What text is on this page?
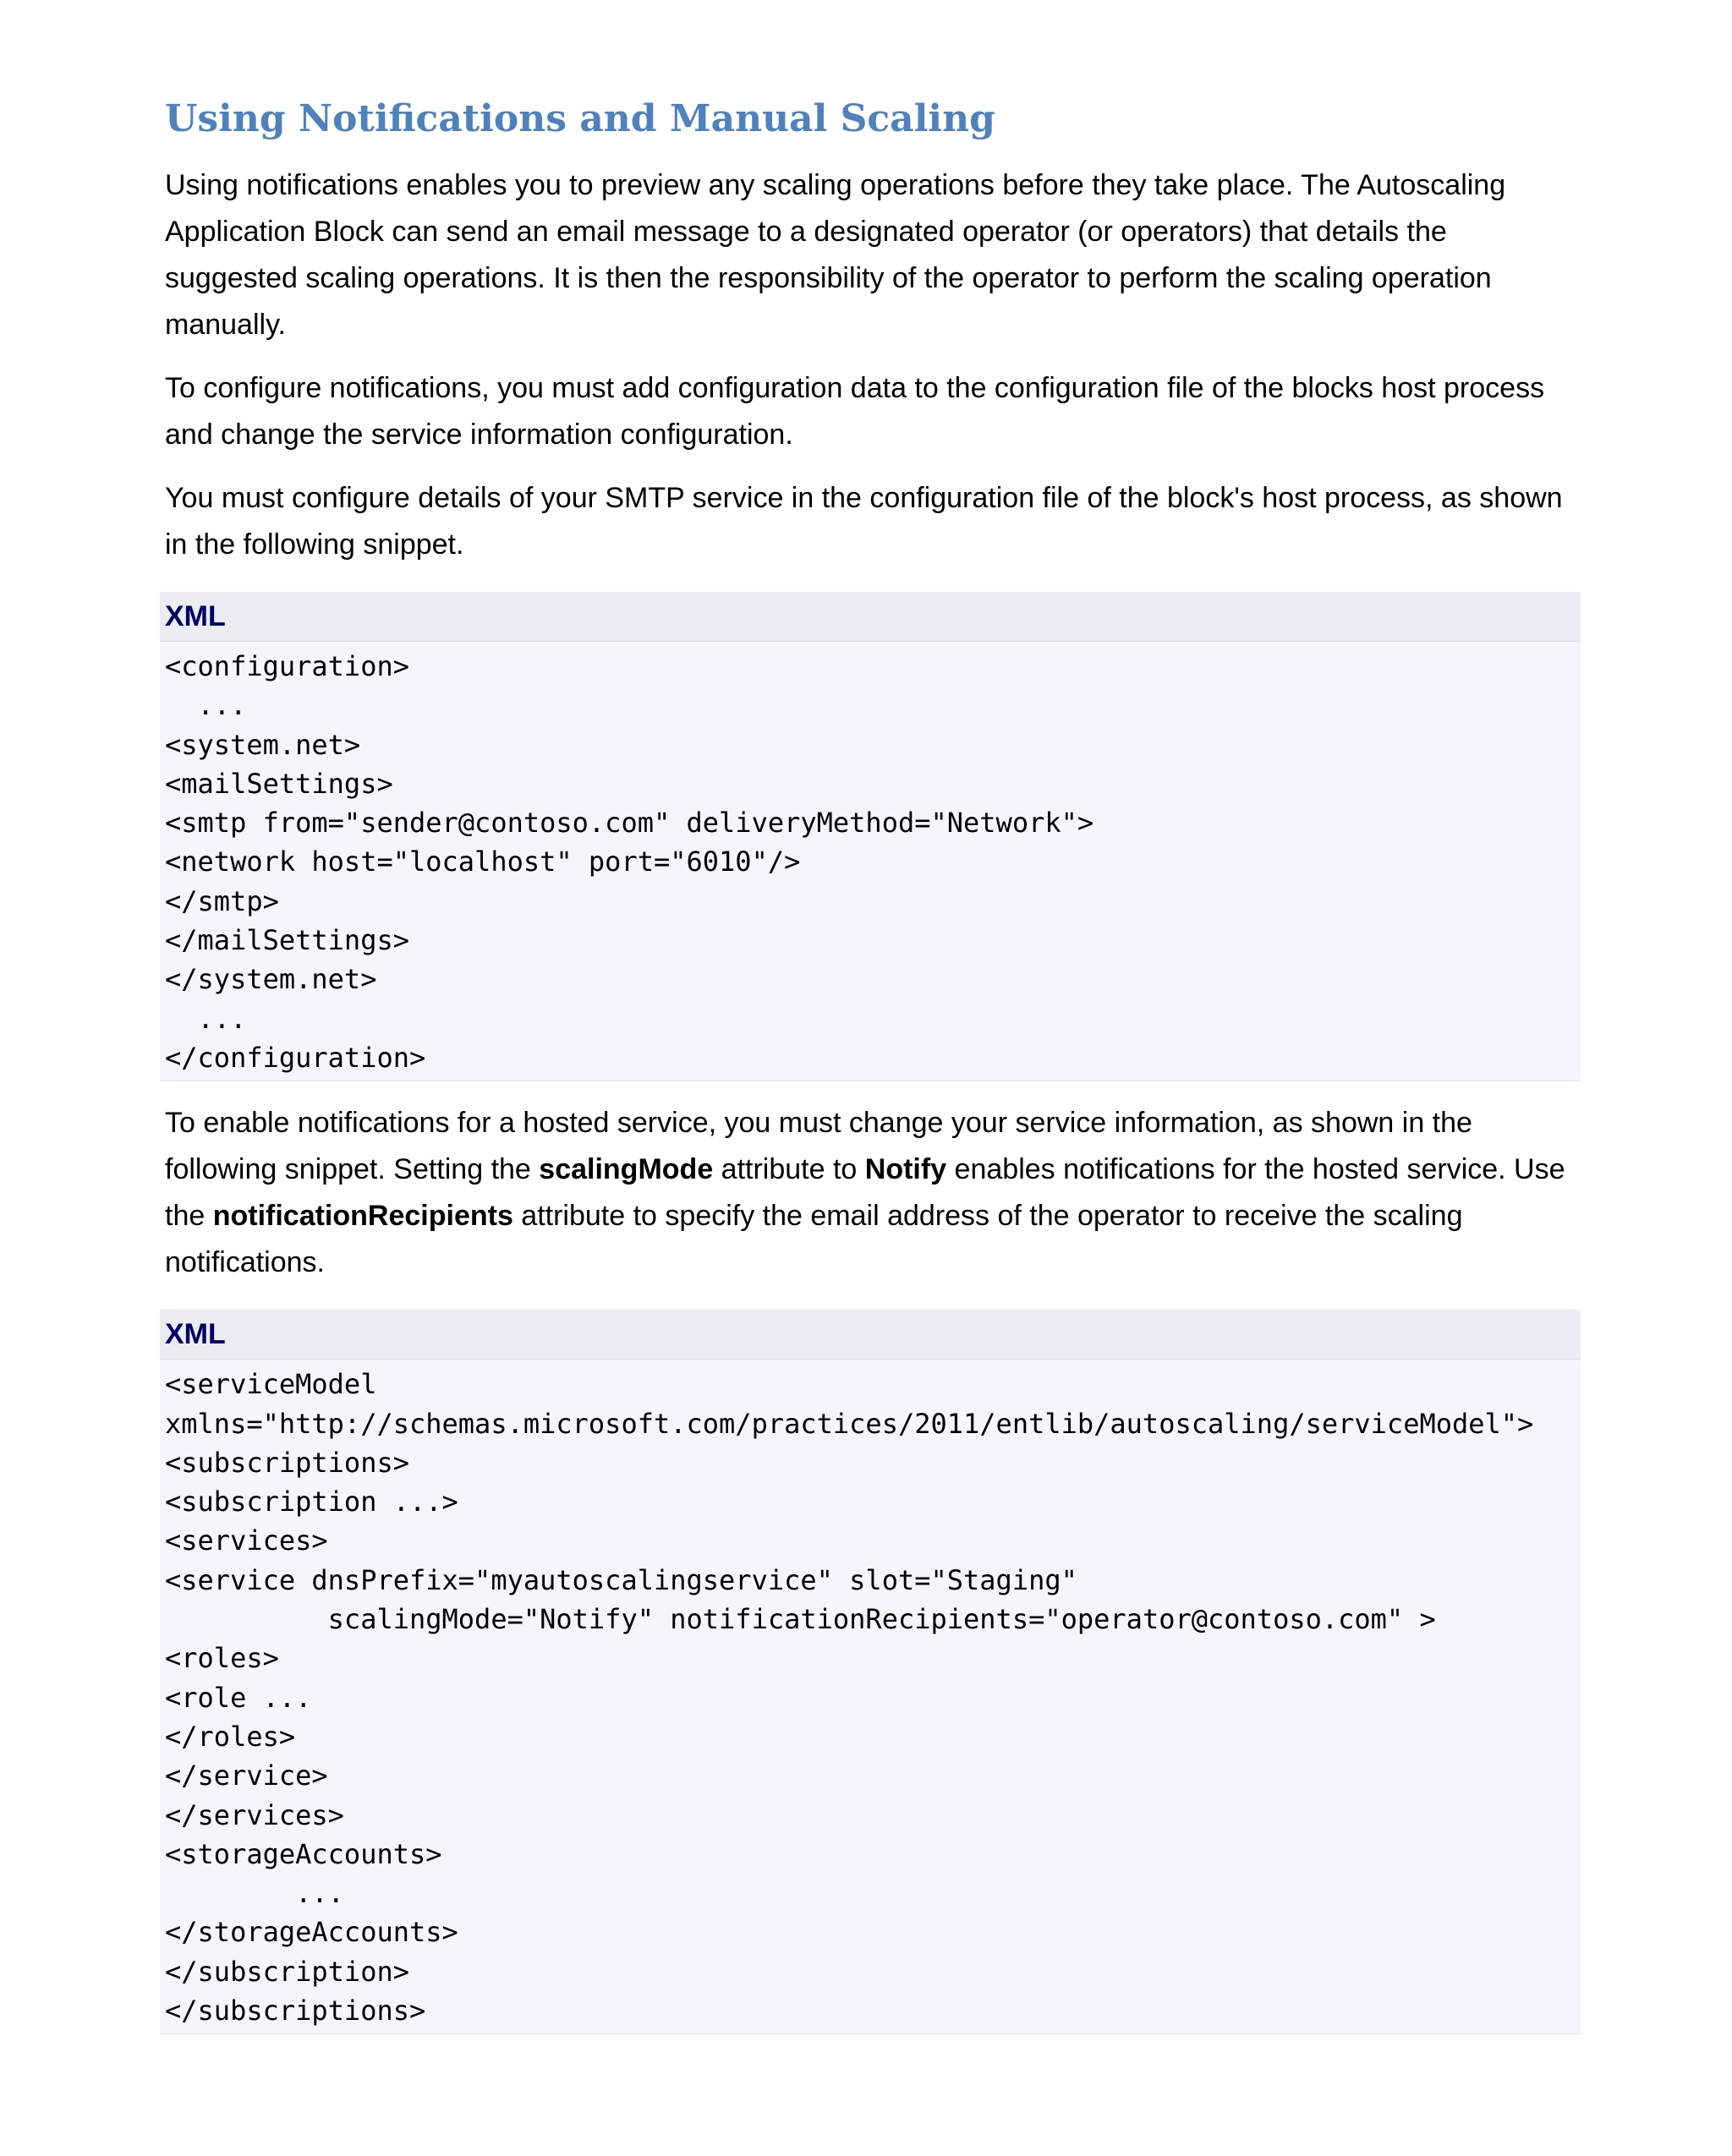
Using Notifications and Manual Scaling

Using notifications enables you to preview any scaling operations before they take place. The Autoscaling Application Block can send an email message to a designated operator (or operators) that details the suggested scaling operations. It is then the responsibility of the operator to perform the scaling operation manually.

To configure notifications, you must add configuration data to the configuration file of the blocks host process and change the service information configuration.

You must configure details of your SMTP service in the configuration file of the block's host process, as shown in the following snippet.

XML
<configuration>
...
<system.net>
<mailSettings>
<smtp from="sender@contoso.com" deliveryMethod="Network">
<network host="localhost" port="6010"/>
</smtp>
</mailSettings>
</system.net>
...
</configuration>

To enable notifications for a hosted service, you must change your service information, as shown in the following snippet. Setting the scalingMode attribute to Notify enables notifications for the hosted service. Use the notificationRecipients attribute to specify the email address of the operator to receive the scaling notifications.

XML
<serviceModel
xmlns="http://schemas.microsoft.com/practices/2011/entlib/autoscaling/serviceModel">
<subscriptions>
<subscription ...>
<services>
<service dnsPrefix="myautoscalingservice" slot="Staging"
scalingMode="Notify" notificationRecipients="operator@contoso.com" >
<roles>
<role ...
</roles>
</service>
</services>
<storageAccounts>
...
</storageAccounts>
</subscription>
</subscriptions>
